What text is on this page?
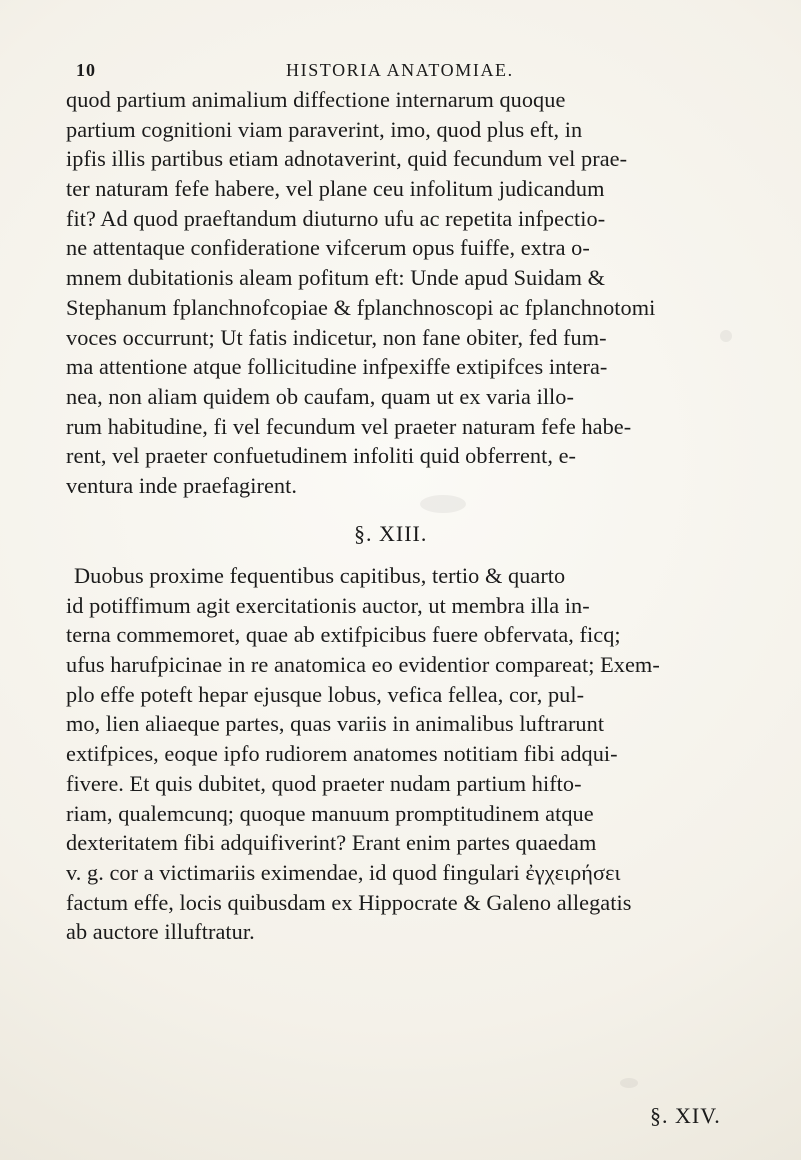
10	HISTORIA ANATOMIAE.
quod partium animalium diffectione internarum quoque
partium cognitioni viam paraverint, imo, quod plus eft, in
ipfis illis partibus etiam adnotaverint, quid fecundum vel prae-
ter naturam fefe habere, vel plane ceu infolitum judicandum
fit? Ad quod praeftandum diuturno ufu ac repetita infpectio-
ne attentaque confideratione vifcerum opus fuiffe, extra o-
mnem dubitationis aleam pofitum eft: Unde apud Suidam &
Stephanum fplanchnofcopiae & fplanchnoscopi ac fplanchnotomi
voces occurrunt; Ut fatis indicetur, non fane obiter, fed fum-
ma attentione atque follicitudine infpexiffe extipifces intera-
nea, non aliam quidem ob caufam, quam ut ex varia illo-
rum habitudine, fi vel fecundum vel praeter naturam fefe habe-
rent, vel praeter confuetudinem infoliti quid obferrent, e-
ventura inde praefagirent.
§. XIII.
Duobus proxime fequentibus capitibus, tertio & quarto
id potiffimum agit exercitationis auctor, ut membra illa in-
terna commemoret, quae ab extifpicibus fuere obfervata, ficq;
ufus harufpicinae in re anatomica eo evidentior compareat; Exem-
plo effe poteft hepar ejusque lobus, vefica fellea, cor, pul-
mo, lien aliaeque partes, quas variis in animalibus luftrarunt
extifpices, eoque ipfo rudiorem anatomes notitiam fibi adqui-
fivere. Et quis dubitet, quod praeter nudam partium hifto-
riam, qualemcunq; quoque manuum promptitudinem atque
dexteritatem fibi adquifiverint? Erant enim partes quaedam
v. g. cor a victimariis eximendae, id quod fingulari ἐγχειρήσει
factum effe, locis quibusdam ex Hippocrate & Galeno allegatis
ab auctore illuftratur.
§. XIV.
